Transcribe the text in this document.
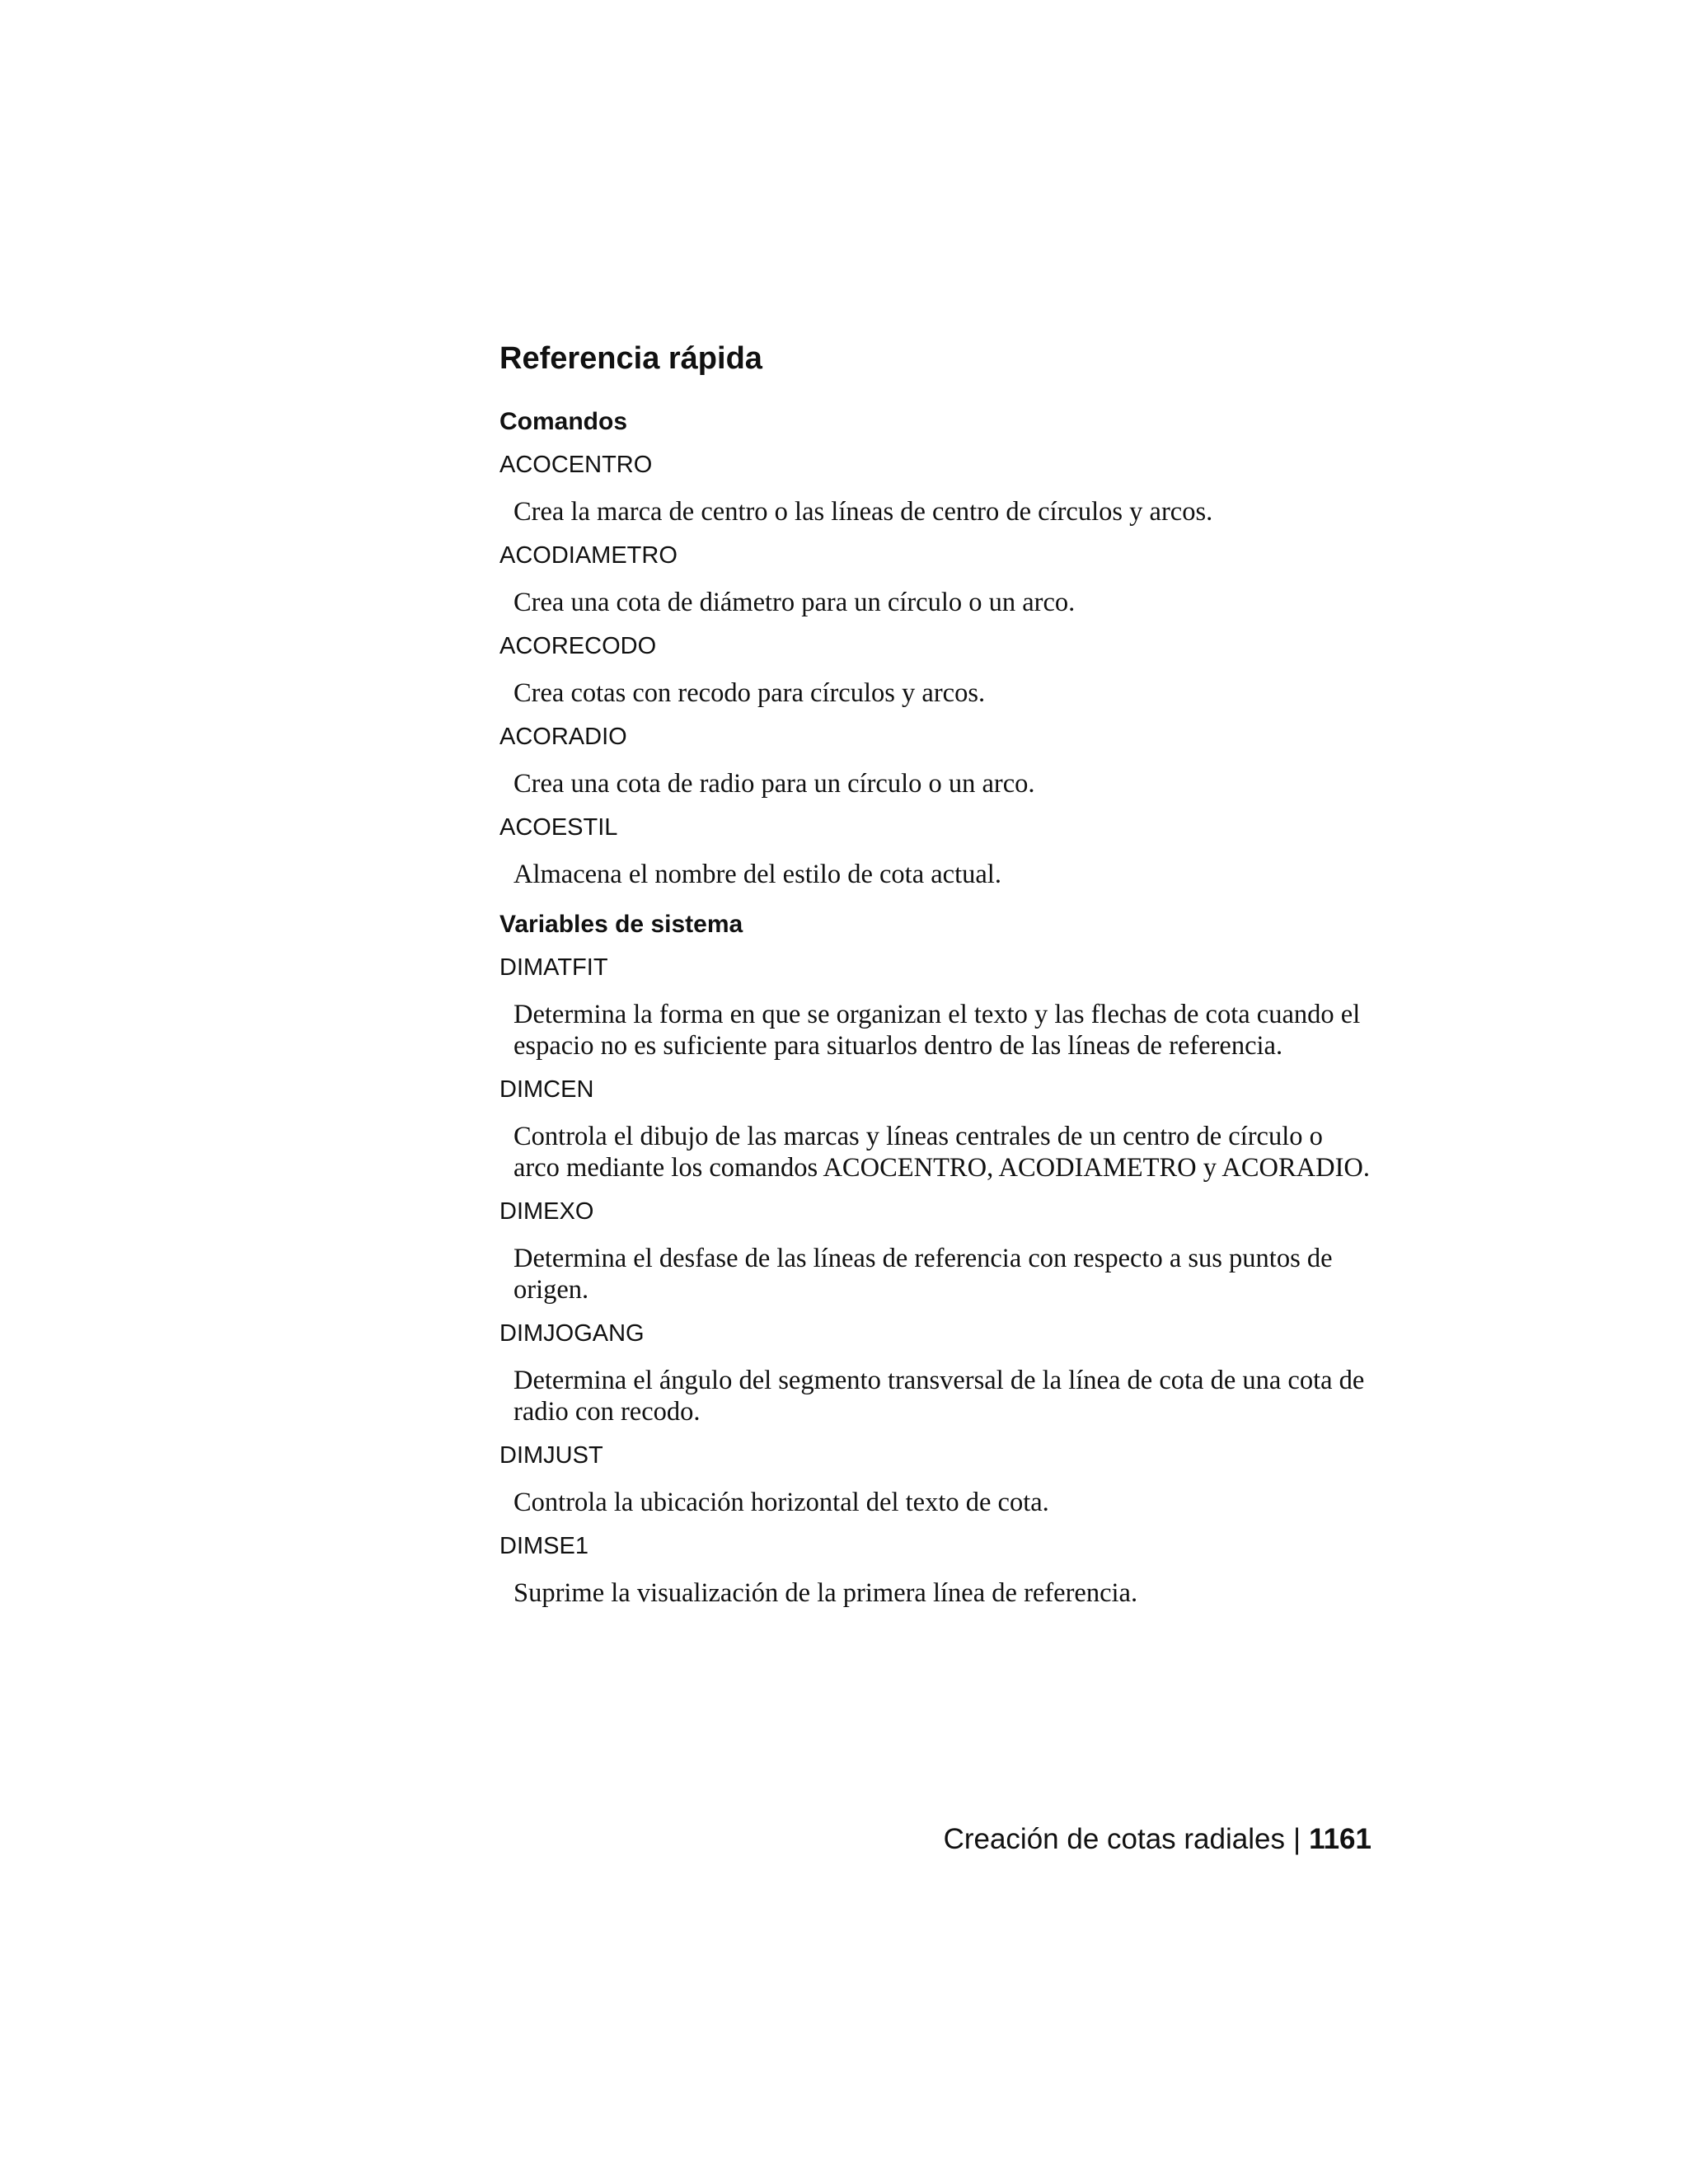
Referencia rápida
Comandos
ACOCENTRO
Crea la marca de centro o las líneas de centro de círculos y arcos.
ACODIAMETRO
Crea una cota de diámetro para un círculo o un arco.
ACORECODO
Crea cotas con recodo para círculos y arcos.
ACORADIO
Crea una cota de radio para un círculo o un arco.
ACOESTIL
Almacena el nombre del estilo de cota actual.
Variables de sistema
DIMATFIT
Determina la forma en que se organizan el texto y las flechas de cota cuando el espacio no es suficiente para situarlos dentro de las líneas de referencia.
DIMCEN
Controla el dibujo de las marcas y líneas centrales de un centro de círculo o arco mediante los comandos ACOCENTRO, ACODIAMETRO y ACORADIO.
DIMEXO
Determina el desfase de las líneas de referencia con respecto a sus puntos de origen.
DIMJOGANG
Determina el ángulo del segmento transversal de la línea de cota de una cota de radio con recodo.
DIMJUST
Controla la ubicación horizontal del texto de cota.
DIMSE1
Suprime la visualización de la primera línea de referencia.
Creación de cotas radiales | 1161
